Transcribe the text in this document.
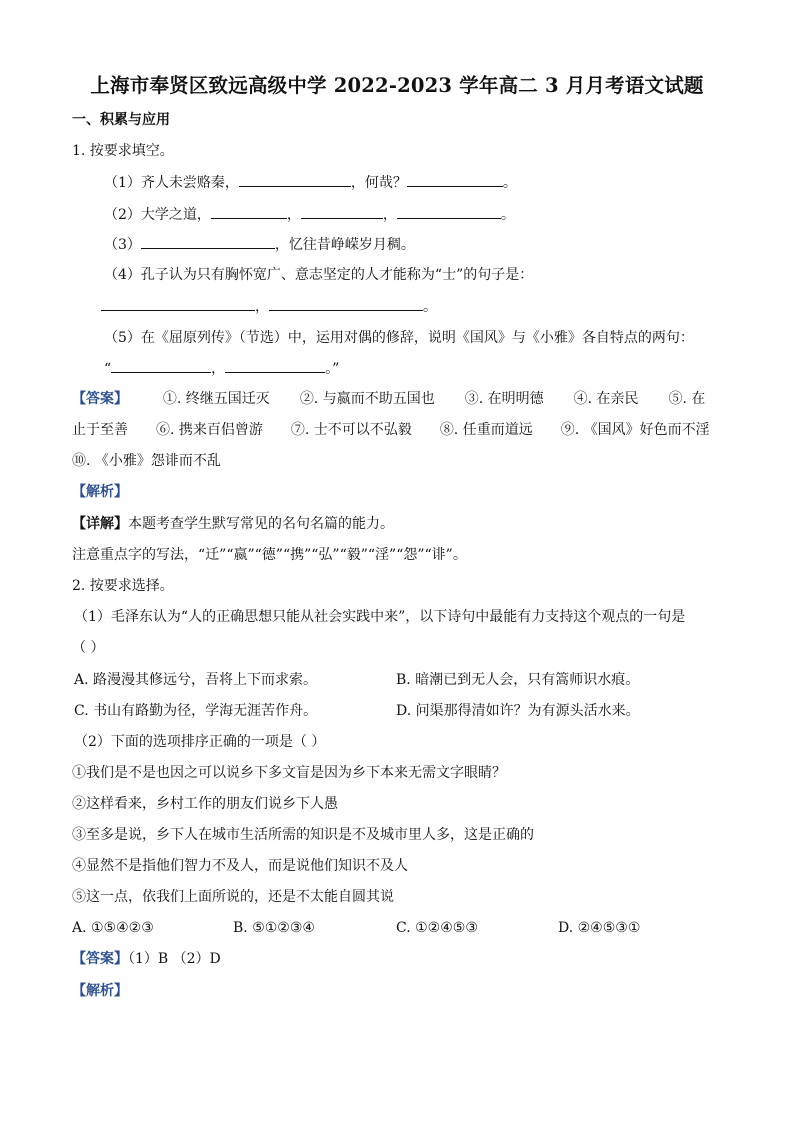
上海市奉贤区致远高级中学 2022-2023 学年高二 3 月月考语文试题
一、积累与应用
1. 按要求填空。
（1）齐人未尝赂秦，	，何哉？	。
（2）大学之道，	，	，	。
（3）	，忆往昔峥嵘岁月稠。
（4）孔子认为只有胸怀宽广、意志坚定的人才能称为“士”的句子是：
，	。
（5）在《屈原列传》（节选）中，运用对偶的修辞，说明《国风》与《小雅》各自特点的两句：
“	，	。”
【答案】 ①. 终继五国迁灭 ②. 与嬴而不助五国也 ③. 在明明德 ④. 在亲民 ⑤. 在
止于至善 ⑥. 携来百侣曾游 ⑦. 士不可以不弘毅 ⑧. 任重而道远 ⑨. 《国风》好色而不淫
⑩. 《小雅》怨诽而不乱
【解析】
【详解】本题考查学生默写常见的名句名篇的能力。
注意重点字的写法，“迁”“嬴”“德”“携”“弘”“毅”“淫”“怨”“诽”。
2. 按要求选择。
（1）毛泽东认为“人的正确思想只能从社会实践中来”，以下诗句中最能有力支持这个观点的一句是
（ ）
A. 路漫漫其修远兮，吾将上下而求索。	B. 暗潮已到无人会，只有篙师识水痕。
C. 书山有路勤为径，学海无涯苦作舟。	D. 问渠那得清如许？为有源头活水来。
（2）下面的选项排序正确的一项是（ ）
①我们是不是也因之可以说乡下多文盲是因为乡下本来无需文字眼睛？
②这样看来，乡村工作的朋友们说乡下人愚
③至多是说，乡下人在城市生活所需的知识是不及城市里人多，这是正确的
④显然不是指他们智力不及人，而是说他们知识不及人
⑤这一点，依我们上面所说的，还是不太能自圆其说
A. ①⑤④②③	B. ⑤①②③④	C. ①②④⑤③	D. ②④⑤③①
【答案】（1）B （2）D
【解析】
